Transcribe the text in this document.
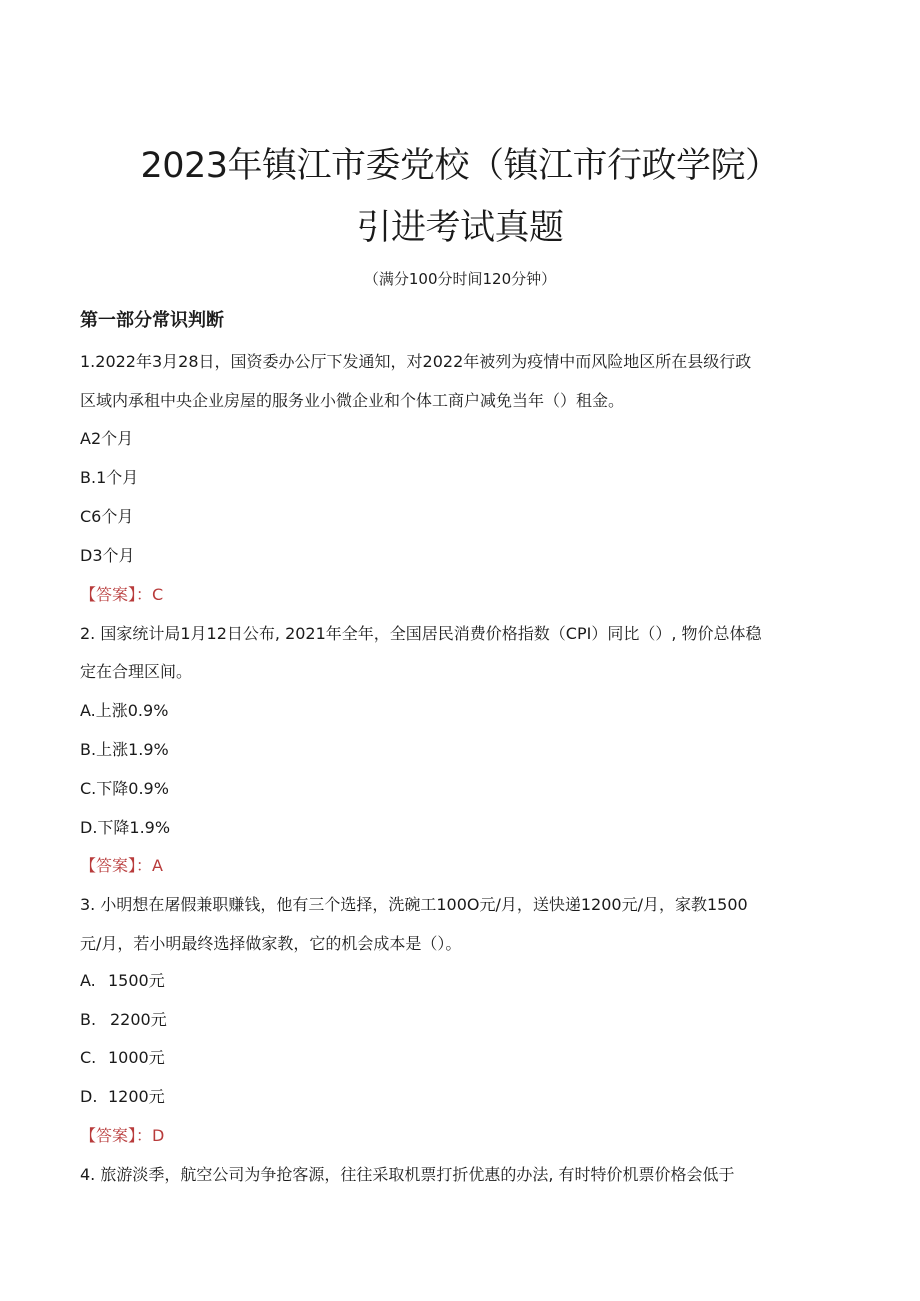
2023年镇江市委党校（镇江市行政学院）
引进考试真题
（满分100分时间120分钟）
第一部分常识判断
1.2022年3月28日，国资委办公厅下发通知，对2022年被列为疫情中而风险地区所在县级行政
区域内承租中央企业房屋的服务业小微企业和个体工商户减免当年（）租金。
A2个月
B.1个月
C6个月
D3个月
【答案】：C
2. 国家统计局1月12日公布, 2021年全年，全国居民消费价格指数（CPI）同比（）, 物价总体稳
定在合理区间。
A.上涨0.9%
B.上涨1.9%
C.下降0.9%
D.下降1.9%
【答案】：A
3. 小明想在屠假兼职赚钱，他有三个选择，洗碗工100O元/月，送快递1200元/月，家教1500
元/月，若小明最终选择做家教，它的机会成本是（）。
A. 1500元
B. 2200元
C. 1000元
D. 1200元
【答案】：D
4. 旅游淡季，航空公司为争抢客源，往往采取机票打折优惠的办法, 有时特价机票价格会低于
